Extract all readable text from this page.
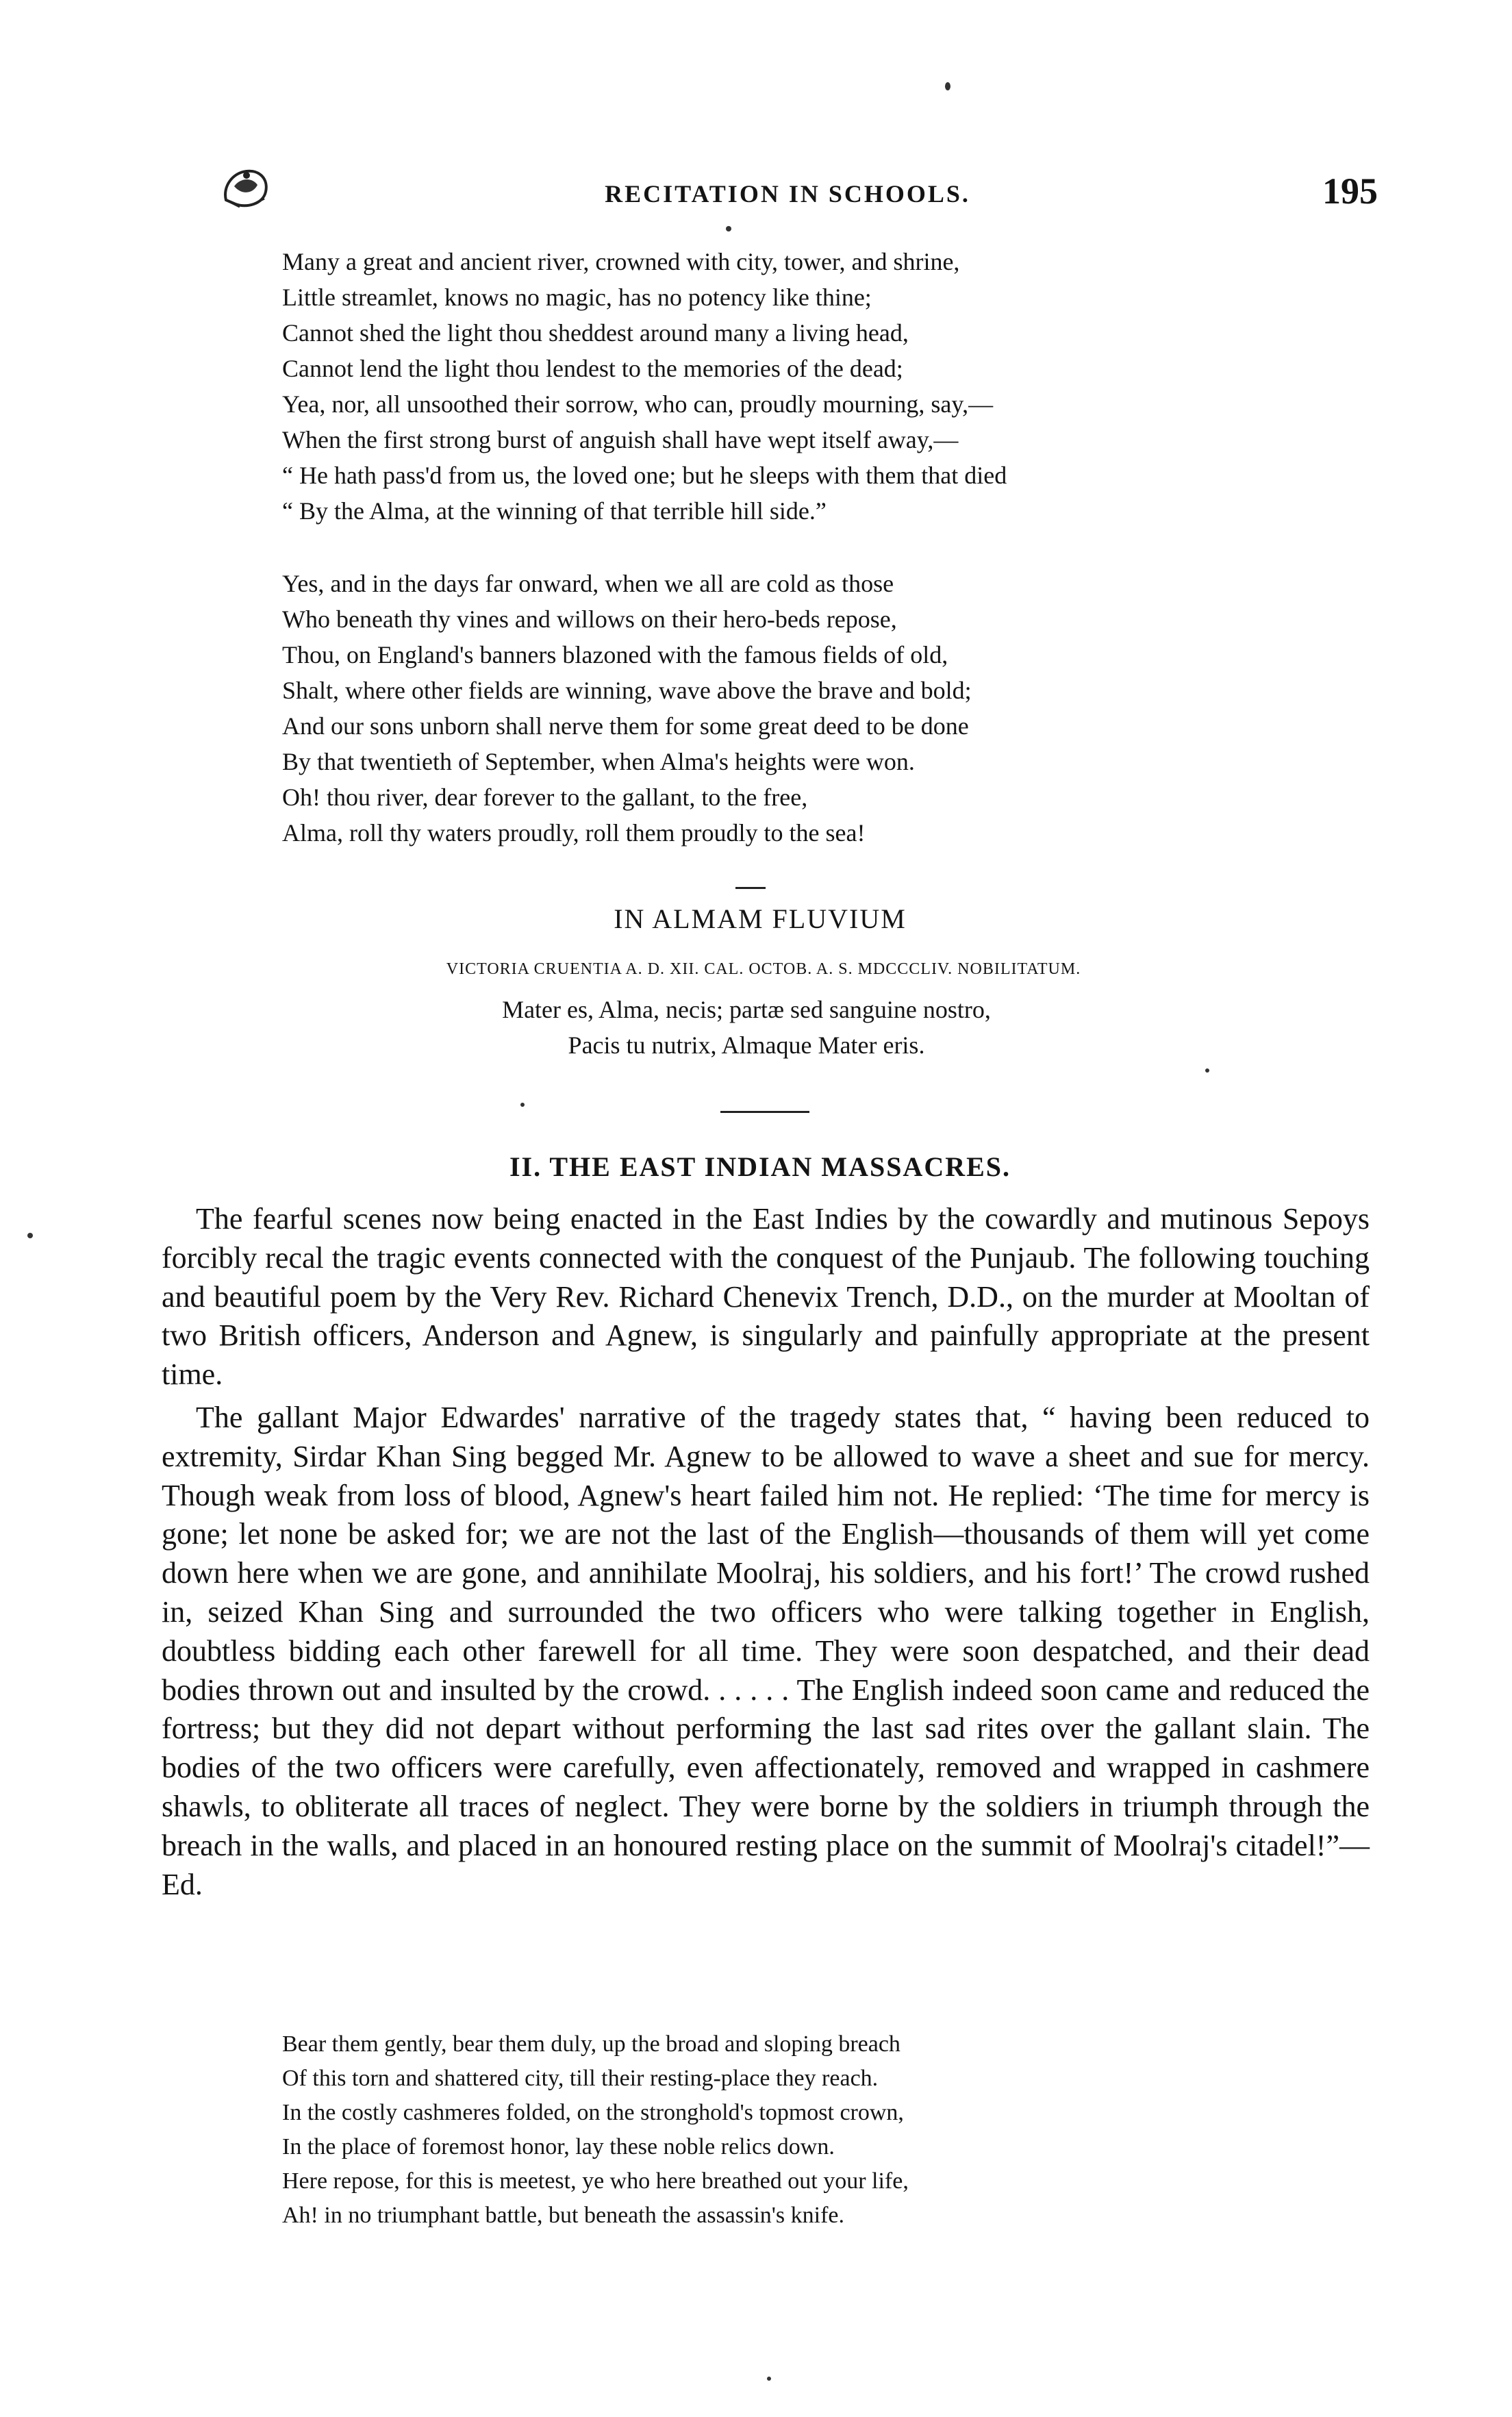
RECITATION IN SCHOOLS.	195
Many a great and ancient river, crowned with city, tower, and shrine,
Little streamlet, knows no magic, has no potency like thine;
Cannot shed the light thou sheddest around many a living head,
Cannot lend the light thou lendest to the memories of the dead;
Yea, nor, all unsoothed their sorrow, who can, proudly mourning, say,—
When the first strong burst of anguish shall have wept itself away,—
“ He hath pass'd from us, the loved one; but he sleeps with them that died
“ By the Alma, at the winning of that terrible hill side.”
Yes, and in the days far onward, when we all are cold as those
Who beneath thy vines and willows on their hero-beds repose,
Thou, on England's banners blazoned with the famous fields of old,
Shalt, where other fields are winning, wave above the brave and bold;
And our sons unborn shall nerve them for some great deed to be done
By that twentieth of September, when Alma's heights were won.
Oh! thou river, dear forever to the gallant, to the free,
Alma, roll thy waters proudly, roll them proudly to the sea!
IN ALMAM FLUVIUM
VICTORIA CRUENTIA A. D. XII. CAL. OCTOB. A. S. MDCCCLIV. NOBILITATUM.
Mater es, Alma, necis; partæ sed sanguine nostro,
Pacis tu nutrix, Almaque Mater eris.
II. THE EAST INDIAN MASSACRES.

The fearful scenes now being enacted in the East Indies by the cowardly and mutinous Sepoys forcibly recal the tragic events connected with the conquest of the Punjaub. The following touching and beautiful poem by the Very Rev. Richard Chenevix Trench, D.D., on the murder at Mooltan of two British officers, Anderson and Agnew, is singularly and painfully appropriate at the present time.

The gallant Major Edwardes' narrative of the tragedy states that, “ having been reduced to extremity, Sirdar Khan Sing begged Mr. Agnew to be allowed to wave a sheet and sue for mercy. Though weak from loss of blood, Agnew's heart failed him not. He replied: ‘The time for mercy is gone; let none be asked for; we are not the last of the English—thousands of them will yet come down here when we are gone, and annihilate Moolraj, his soldiers, and his fort!’ The crowd rushed in, seized Khan Sing and surrounded the two officers who were talking together in English, doubtless bidding each other farewell for all time. They were soon despatched, and their dead bodies thrown out and insulted by the crowd. . . . . . The English indeed soon came and reduced the fortress; but they did not depart without performing the last sad rites over the gallant slain. The bodies of the two officers were carefully, even affectionately, removed and wrapped in cashmere shawls, to obliterate all traces of neglect. They were borne by the soldiers in triumph through the breach in the walls, and placed in an honoured resting place on the summit of Moolraj's citadel!”—Ed.

Bear them gently, bear them duly, up the broad and sloping breach
Of this torn and shattered city, till their resting-place they reach.
In the costly cashmeres folded, on the stronghold's topmost crown,
In the place of foremost honor, lay these noble relics down.
Here repose, for this is meetest, ye who here breathed out your life,
Ah! in no triumphant battle, but beneath the assassin's knife.
